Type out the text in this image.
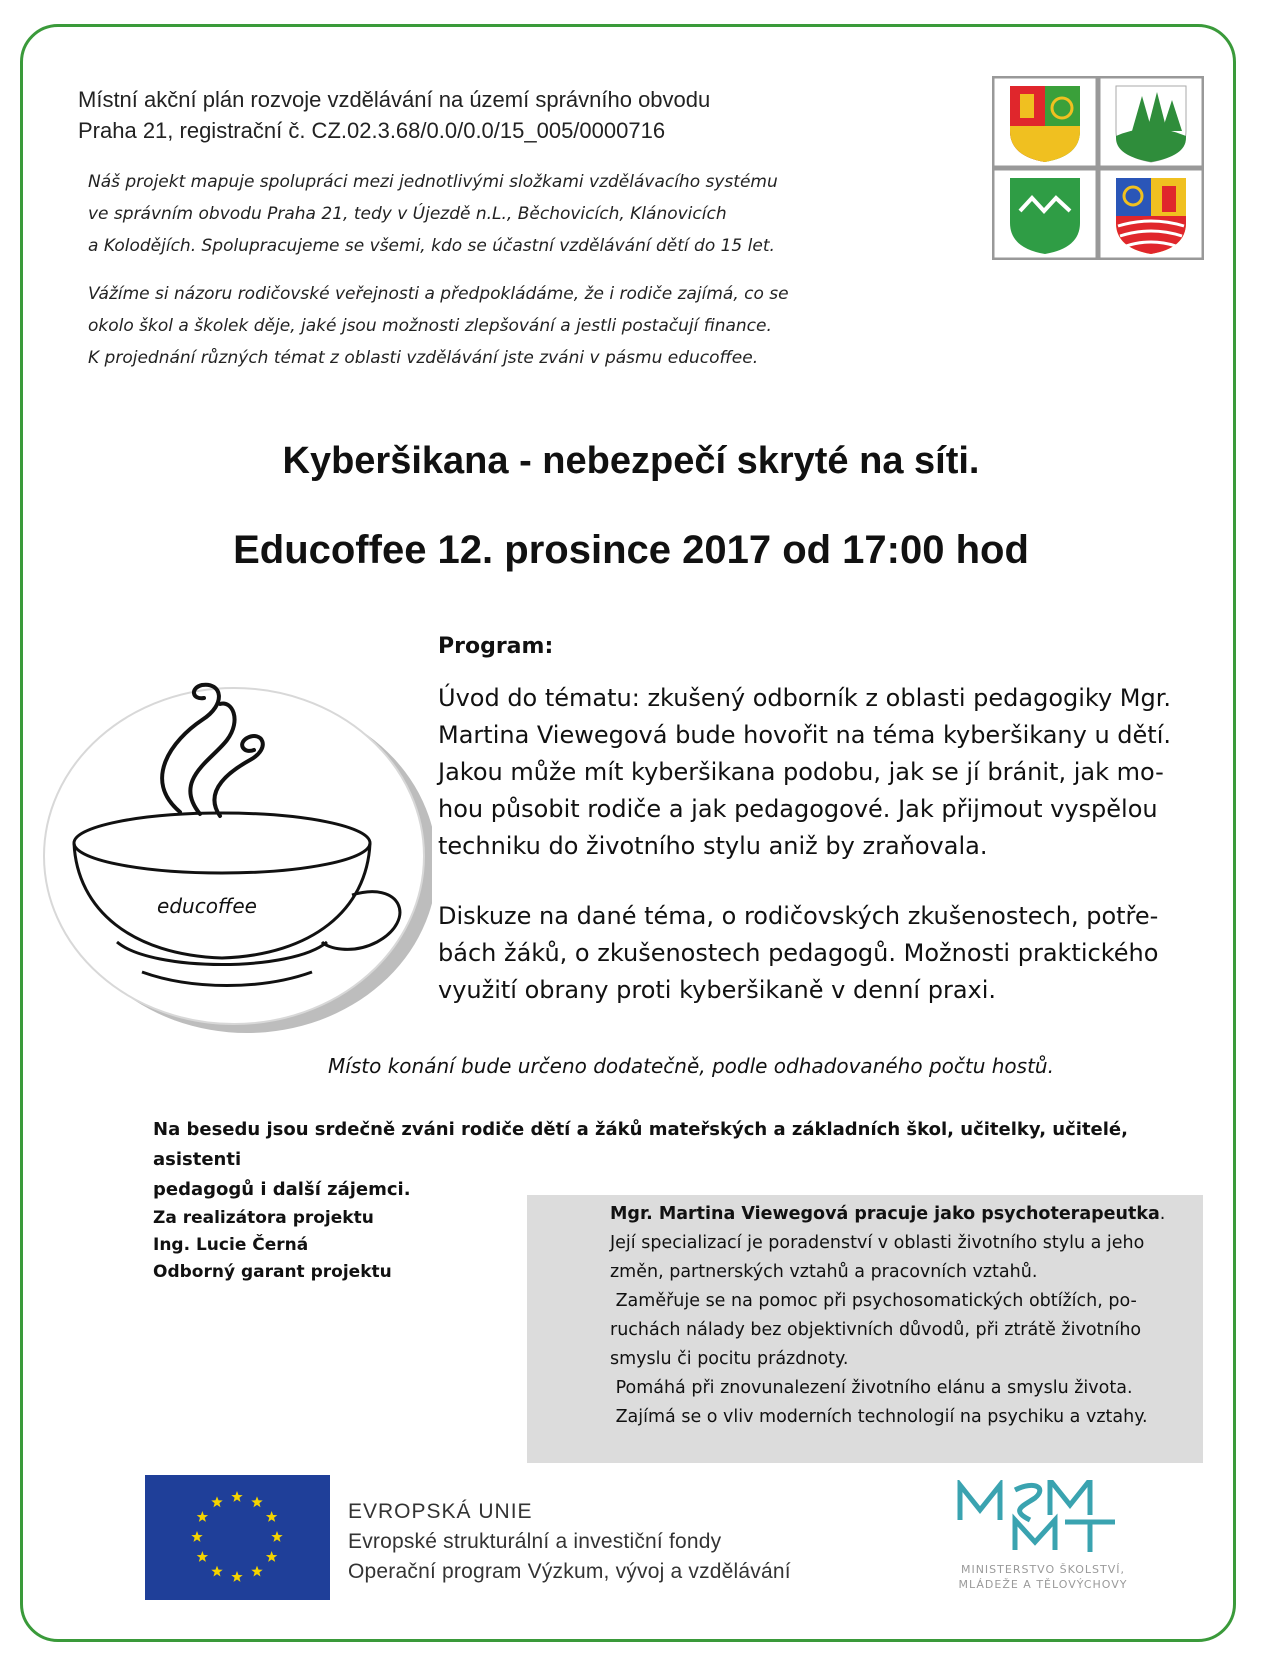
Místní akční plán rozvoje vzdělávání na území správního obvodu
Praha 21, registrační č. CZ.02.3.68/0.0/0.0/15_005/0000716

Náš projekt mapuje spolupráci mezi jednotlivými složkami vzdělávacího systému

ve správním obvodu Praha 21, tedy v Újezdě n.L., Běchovicích, Klánovicích

a Kolodějích. Spolupracujeme se všemi, kdo se účastní vzdělávání dětí do 15 let.

Vážíme si názoru rodičovské veřejnosti a předpokládáme, že i rodiče zajímá, co se

okolo škol a školek děje, jaké jsou možnosti zlepšování a jestli postačují finance.

K projednání různých témat z oblasti vzdělávání jste zváni v pásmu educoffee.

Kyberšikana - nebezpečí skryté na síti.
Educoffee 12. prosince 2017 od 17:00 hod
educoffee
Program:

Úvod do tématu: zkušený odborník z oblasti pedagogiky Mgr.

Martina Viewegová bude hovořit na téma kyberšikany u dětí.

Jakou může mít kyberšikana podobu, jak se jí bránit, jak mo-

hou působit rodiče a jak pedagogové. Jak přijmout vyspělou

techniku do životního stylu aniž by zraňovala.

Diskuze na dané téma, o rodičovských zkušenostech, potře-

bách žáků, o zkušenostech pedagogů. Možnosti praktického

využití obrany proti kyberšikaně v denní praxi.

Místo konání bude určeno dodatečně, podle odhadovaného počtu hostů.
Na besedu jsou srdečně zváni rodiče dětí a žáků mateřských a základních škol, učitelky, učitelé, asistenti
pedagogů i další zájemci.
Za realizátora projektu
Ing. Lucie Černá
Odborný garant projektu

Mgr. Martina Viewegová pracuje jako psychoterapeutka.

Její specializací je poradenství v oblasti životního stylu a jeho

změn, partnerských vztahů a pracovních vztahů.

Zaměřuje se na pomoc při psychosomatických obtížích, po-

ruchách nálady bez objektivních důvodů, při ztrátě životního

smyslu či pocitu prázdnoty.

Pomáhá při znovunalezení životního elánu a smyslu života.

Zajímá se o vliv moderních technologií na psychiku a vztahy.

EVROPSKÁ UNIE
Evropské strukturální a investiční fondy
Operační program Výzkum, vývoj a vzdělávání	MINISTERSTVO ŠKOLSTVÍ,
MLÁDEŽE A TĚLOVÝCHOVY
